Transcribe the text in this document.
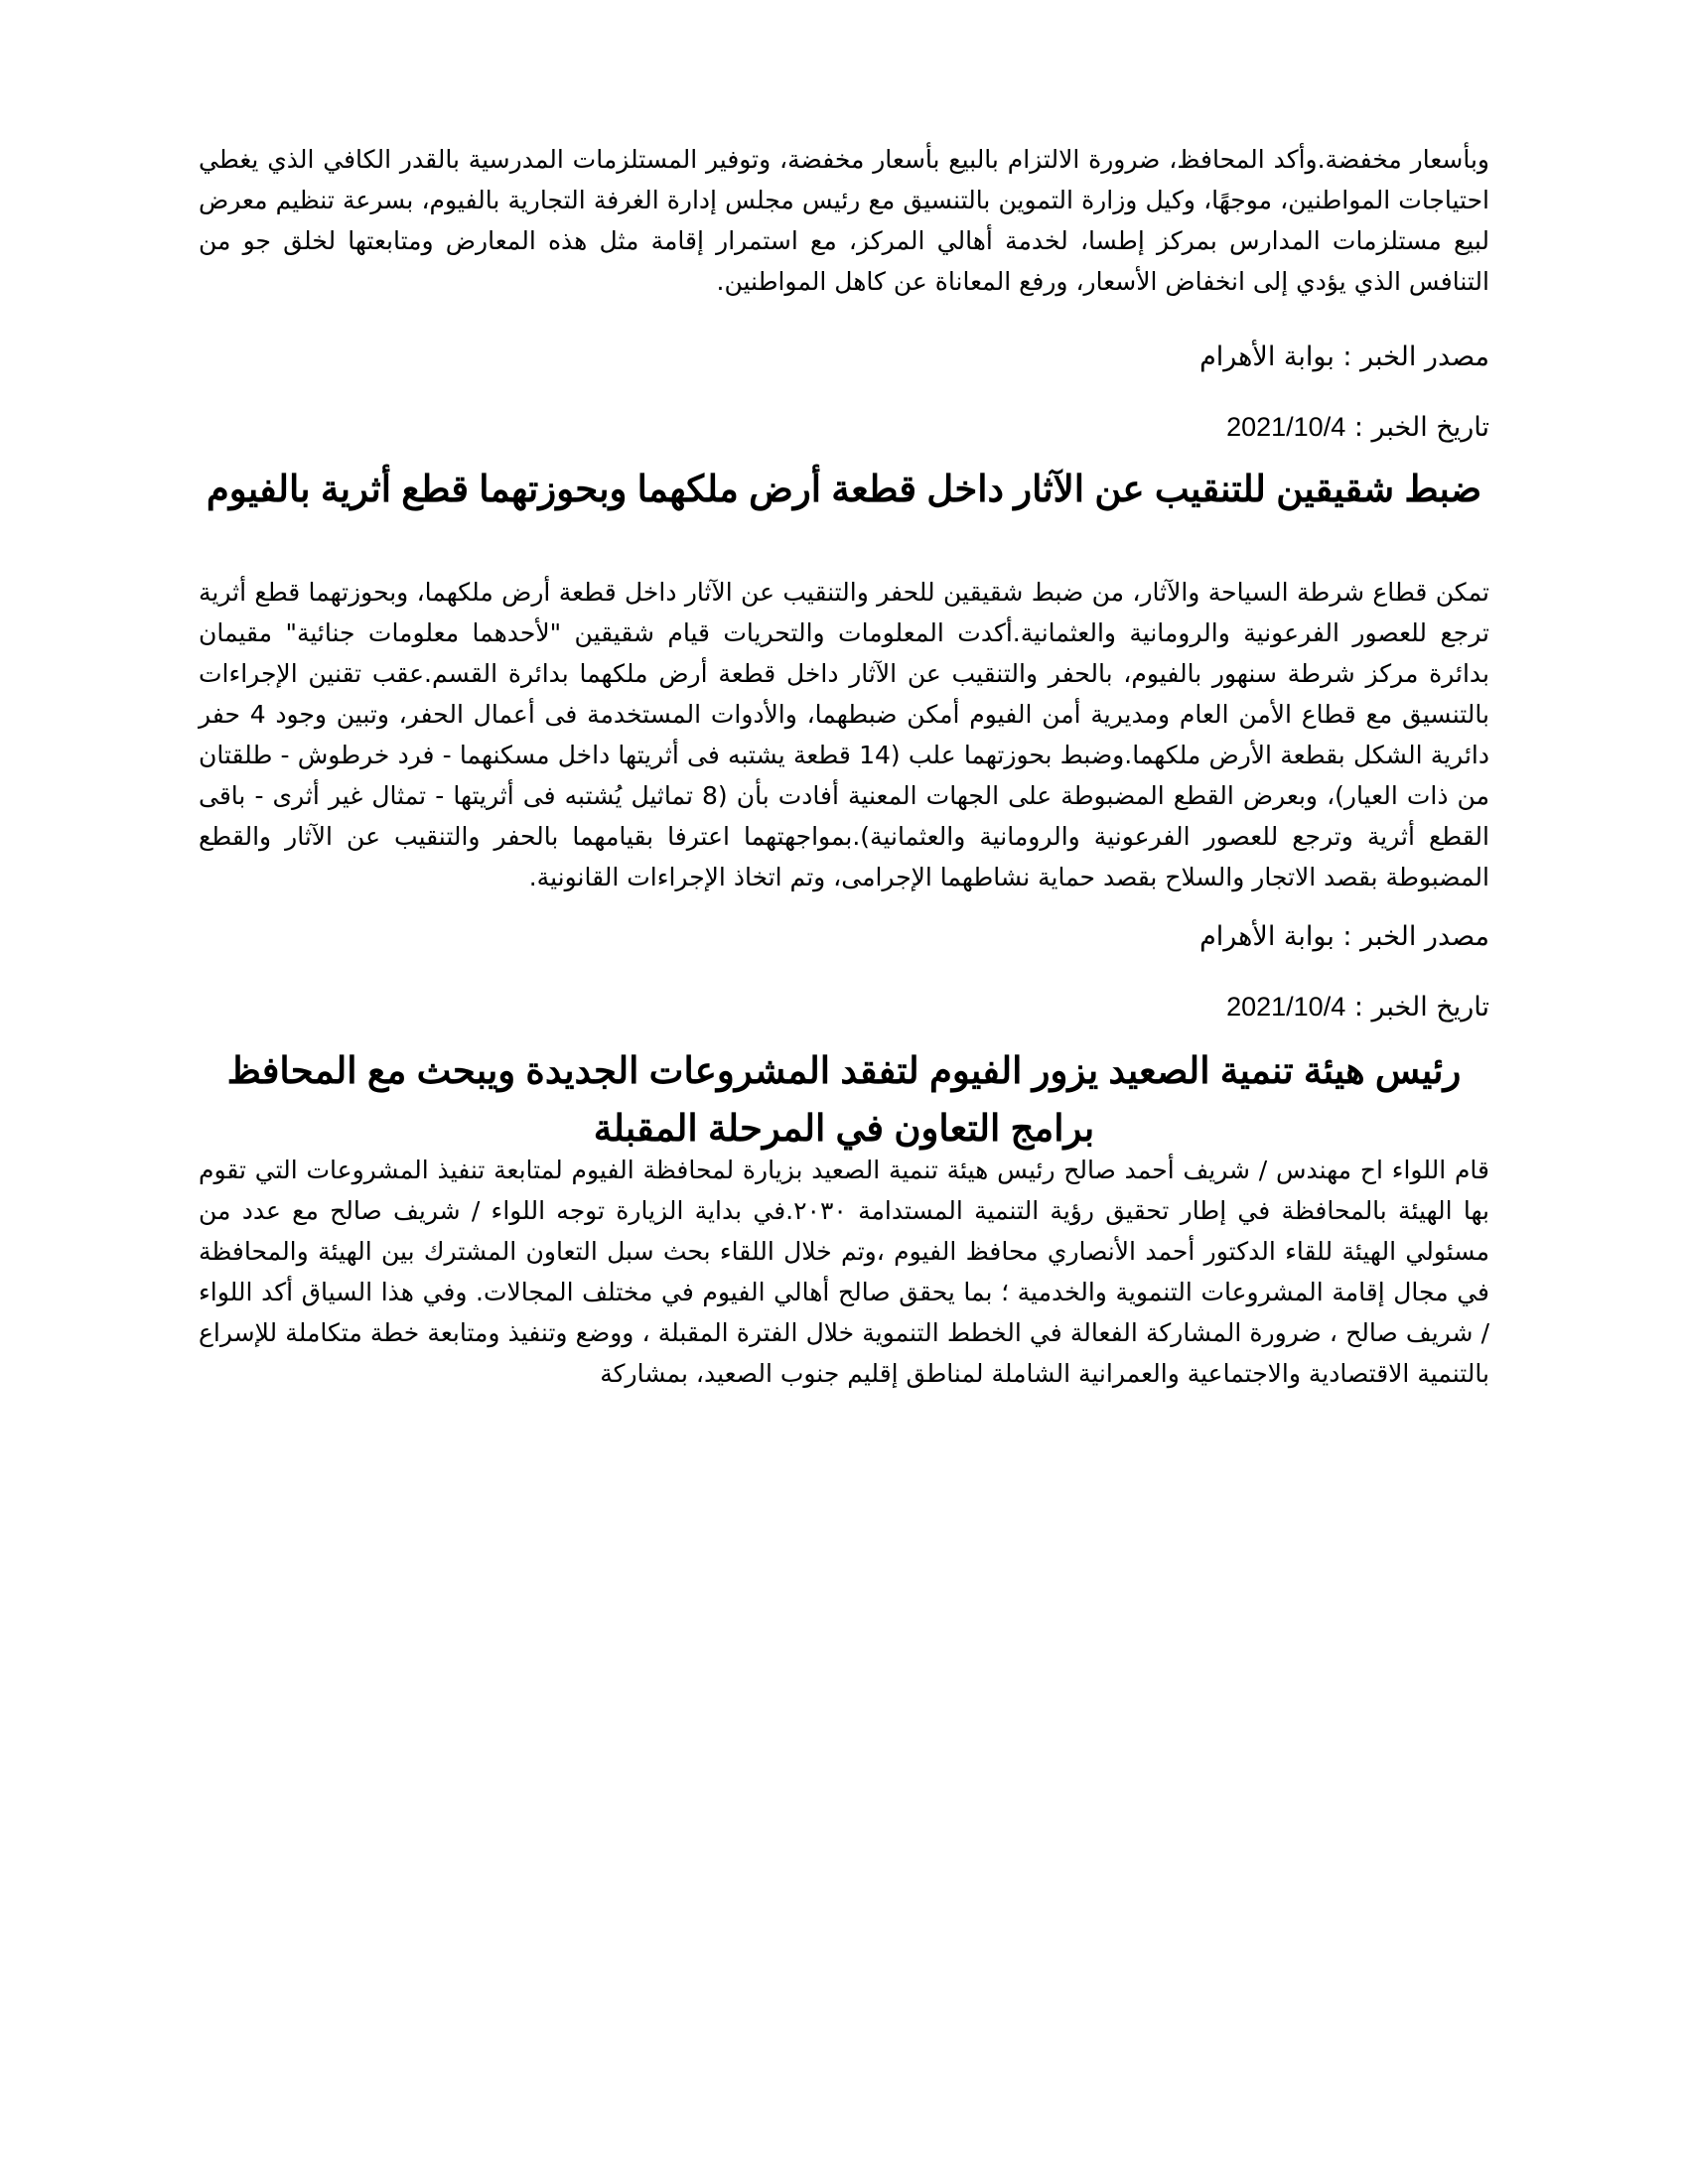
وبأسعار مخفضة.وأكد المحافظ، ضرورة الالتزام بالبيع بأسعار مخفضة، وتوفير المستلزمات المدرسية بالقدر الكافي الذي يغطي احتياجات المواطنين، موجهًا، وكيل وزارة التموين بالتنسيق مع رئيس مجلس إدارة الغرفة التجارية بالفيوم، بسرعة تنظيم معرض لبيع مستلزمات المدارس بمركز إطسا، لخدمة أهالي المركز، مع استمرار إقامة مثل هذه المعارض ومتابعتها لخلق جو من التنافس الذي يؤدي إلى انخفاض الأسعار، ورفع المعاناة عن كاهل المواطنين.

مصدر الخبر : بوابة الأهرام

تاريخ الخبر : 2021/10/4

ضبط شقيقين للتنقيب عن الآثار داخل قطعة أرض ملكهما وبحوزتهما قطع أثرية بالفيوم

تمكن قطاع شرطة السياحة والآثار، من ضبط شقيقين للحفر والتنقيب عن الآثار داخل قطعة أرض ملكهما، وبحوزتهما قطع أثرية ترجع للعصور الفرعونية والرومانية والعثمانية.أكدت المعلومات والتحريات قيام شقيقين "لأحدهما معلومات جنائية" مقيمان بدائرة مركز شرطة سنهور بالفيوم، بالحفر والتنقيب عن الآثار داخل قطعة أرض ملكهما بدائرة القسم.عقب تقنين الإجراءات بالتنسيق مع قطاع الأمن العام ومديرية أمن الفيوم أمكن ضبطهما، والأدوات المستخدمة فى أعمال الحفر، وتبين وجود 4 حفر دائرية الشكل بقطعة الأرض ملكهما.وضبط بحوزتهما علب (14 قطعة يشتبه فى أثريتها داخل مسكنهما - فرد خرطوش - طلقتان من ذات العيار)، وبعرض القطع المضبوطة على الجهات المعنية أفادت بأن (8 تماثيل يُشتبه فى أثريتها - تمثال غير أثرى - باقى القطع أثرية وترجع للعصور الفرعونية والرومانية والعثمانية).بمواجهتهما اعترفا بقيامهما بالحفر والتنقيب عن الآثار والقطع المضبوطة بقصد الاتجار والسلاح بقصد حماية نشاطهما الإجرامى، وتم اتخاذ الإجراءات القانونية.

مصدر الخبر : بوابة الأهرام

تاريخ الخبر : 2021/10/4

رئيس هيئة تنمية الصعيد يزور الفيوم لتفقد المشروعات الجديدة ويبحث مع المحافظ برامج التعاون في المرحلة المقبلة

قام اللواء اح مهندس / شريف أحمد صالح رئيس هيئة تنمية الصعيد بزيارة لمحافظة الفيوم لمتابعة تنفيذ المشروعات التي تقوم بها الهيئة بالمحافظة في إطار تحقيق رؤية التنمية المستدامة ٢٠٣٠.في بداية الزيارة توجه اللواء / شريف صالح مع عدد من مسئولي الهيئة للقاء الدكتور أحمد الأنصاري محافظ الفيوم ،وتم خلال اللقاء بحث سبل التعاون المشترك بين الهيئة والمحافظة في مجال إقامة المشروعات التنموية والخدمية ؛ بما يحقق صالح أهالي الفيوم في مختلف المجالات. وفي هذا السياق أكد اللواء / شريف صالح ، ضرورة المشاركة الفعالة في الخطط التنموية خلال الفترة المقبلة ، ووضع وتنفيذ ومتابعة خطة متكاملة للإسراع بالتنمية الاقتصادية والاجتماعية والعمرانية الشاملة لمناطق إقليم جنوب الصعيد، بمشاركة
